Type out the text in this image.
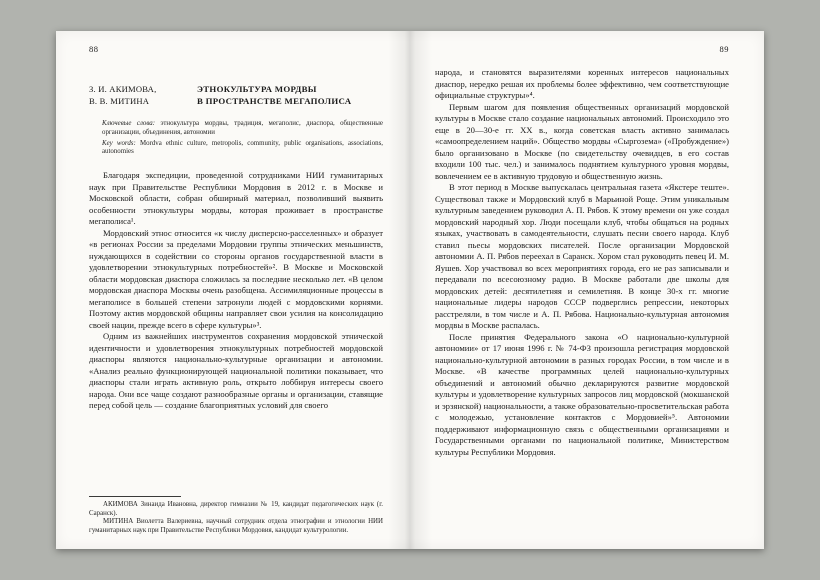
88
З. И. АКИМОВА,
В. В. МИТИНА
ЭТНОКУЛЬТУРА МОРДВЫ
В ПРОСТРАНСТВЕ МЕГАПОЛИСА

Ключевые слова: этнокультура мордвы, традиция, мегаполис, диаспора, общественные организации, объединения, автономии

Key words: Mordva ethnic culture, metropolis, community, public organisations, associations, autonomies

Благодаря экспедиции, проведенной сотрудниками НИИ гуманитарных наук при Правительстве Республики Мордовия в 2012 г. в Москве и Московской области, собран обширный материал, позволивший выявить особенности этнокультуры мордвы, которая проживает в пространстве мегаполиса¹.

Мордовский этнос относится «к числу дисперсно-расселенных» и образует «в регионах России за пределами Мордовии группы этнических меньшинств, нуждающихся в содействии со стороны органов государственной власти в удовлетворении этнокультурных потребностей»². В Москве и Московской области мордовская диаспора сложилась за последние несколько лет. «В целом мордовская диаспора Москвы очень разобщена. Ассимиляционные процессы в мегаполисе в большей степени затронули людей с мордовскими корнями. Поэтому актив мордовской общины направляет свои усилия на консолидацию своей нации, прежде всего в сфере культуры»³.

Одним из важнейших инструментов сохранения мордовской этнической идентичности и удовлетворения этнокультурных потребностей мордовской диаспоры являются национально-культурные организации и автономии. «Анализ реально функционирующей национальной политики показывает, что диаспоры стали играть активную роль, открыто лоббируя интересы своего народа. Они все чаще создают разнообразные органы и организации, ставящие перед собой цель — создание благоприятных условий для своего

АКИМОВА Зинаида Ивановна, директор гимназии № 19, кандидат педагогических наук (г. Саранск).

МИТИНА Виолетта Валериевна, научный сотрудник отдела этнографии и этнологии НИИ гуманитарных наук при Правительстве Республики Мордовия, кандидат культурологии.

89

народа, и становятся выразителями коренных интересов национальных диаспор, нередко решая их проблемы более эффективно, чем соответствующие официальные структуры»⁴.

Первым шагом для появления общественных организаций мордовской культуры в Москве стало создание национальных автономий. Происходило это еще в 20—30-е гг. XX в., когда советская власть активно занималась «самоопределением наций». Общество мордвы «Сыргозема» («Пробуждение») было организовано в Москве (по свидетельству очевидцев, в его состав входили 100 тыс. чел.) и занималось поднятием культурного уровня мордвы, вовлечением ее в активную трудовую и общественную жизнь.

В этот период в Москве выпускалась центральная газета «Якстере теште». Существовал также и Мордовский клуб в Марьиной Роще. Этим уникальным культурным заведением руководил А. П. Рябов. К этому времени он уже создал мордовский народный хор. Люди посещали клуб, чтобы общаться на родных языках, участвовать в самодеятельности, слушать песни своего народа. Клуб ставил пьесы мордовских писателей. После организации Мордовской автономии А. П. Рябов переехал в Саранск. Хором стал руководить певец И. М. Яушев. Хор участвовал во всех мероприятиях города, его не раз записывали и передавали по всесоюзному радио. В Москве работали две школы для мордовских детей: десятилетняя и семилетняя. В конце 30-х гг. многие национальные лидеры народов СССР подверглись репрессии, некоторых расстреляли, в том числе и А. П. Рябова. Национально-культурная автономия мордвы в Москве распалась.

После принятия Федерального закона «О национально-культурной автономии» от 17 июня 1996 г. № 74-ФЗ произошла регистрация мордовской национально-культурной автономии в разных городах России, в том числе и в Москве. «В качестве программных целей национально-культурных объединений и автономий обычно декларируются развитие мордовской культуры и удовлетворение культурных запросов лиц мордовской (мокшанской и эрзянской) национальности, а также образовательно-просветительская работа с молодежью, установление контактов с Мордовией»⁵. Автономии поддерживают информационную связь с общественными организациями и Государственными органами по национальной политике, Министерством культуры Республики Мордовия.
